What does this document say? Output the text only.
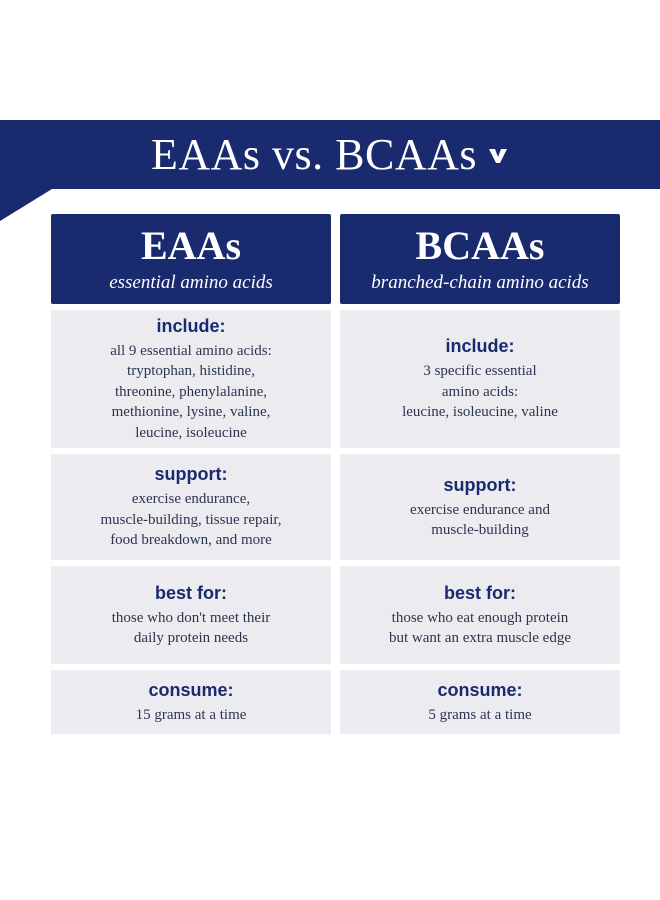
EAAs vs. BCAAs
EAAs
essential amino acids
include:
all 9 essential amino acids:
tryptophan, histidine,
threonine, phenylalanine,
methionine, lysine, valine,
leucine, isoleucine
support:
exercise endurance,
muscle-building, tissue repair,
food breakdown, and more
best for:
those who don't meet their
daily protein needs
consume:
15 grams at a time
BCAAs
branched-chain amino acids
include:
3 specific essential
amino acids:
leucine, isoleucine, valine
support:
exercise endurance and
muscle-building
best for:
those who eat enough protein
but want an extra muscle edge
consume:
5 grams at a time
